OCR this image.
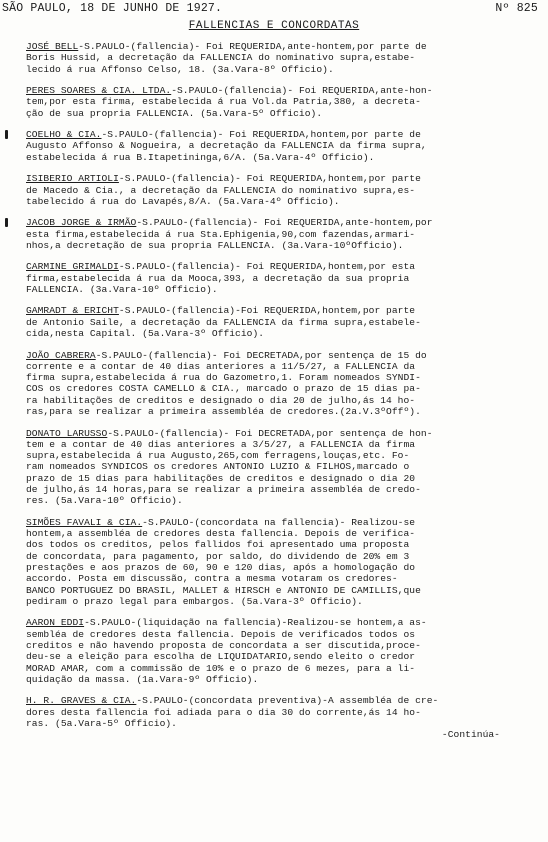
SÃO PAULO, 18 DE JUNHO DE 1927.	Nº 825
FALLENCIAS E CONCORDATAS
JOSÉ BELL-S.PAULO-(fallencia)- Foi REQUERIDA,ante-hontem,por parte de
Boris Hussid, a decretação da FALLENCIA do nominativo supra,estabe-
lecido á rua Affonso Celso, 18. (3a.Vara-8º Officio).
PERES SOARES & CIA. LTDA.-S.PAULO-(fallencia)- Foi REQUERIDA,ante-hon-
tem,por esta firma, estabelecida á rua Vol.da Patria,380, a decreta-
ção de sua propria FALLENCIA. (5a.Vara-5º Officio).
COELHO & CIA.-S.PAULO-(fallencia)- Foi REQUERIDA,hontem,por parte de
Augusto Affonso & Nogueira, a decretação da FALLENCIA da firma supra,
estabelecida á rua B.Itapetininga,6/A. (5a.Vara-4º Officio).
ISIBERIO ARTIOLI-S.PAULO-(fallencia)- Foi REQUERIDA,hontem,por parte
de Macedo & Cia., a decretação da FALLENCIA do nominativo supra,es-
tabelecido á rua do Lavapés,8/A. (5a.Vara-4º Officio).
JACOB JORGE & IRMÃO-S.PAULO-(fallencia)- Foi REQUERIDA,ante-hontem,por
esta firma,estabelecida á rua Sta.Ephigenia,90,com fazendas,armari-
nhos,a decretação de sua propria FALLENCIA. (3a.Vara-10ºOfficio).
CARMINE GRIMALDI-S.PAULO-(fallencia)- Foi REQUERIDA,hontem,por esta
firma,estabelecida á rua da Mooca,393, a decretação da sua propria
FALLENCIA. (3a.Vara-10º Officio).
GAMRADT & ERICHT-S.PAULO-(fallencia)-Foi REQUERIDA,hontem,por parte
de Antonio Saile, a decretação da FALLENCIA da firma supra,estabele-
cida,nesta Capital. (5a.Vara-3º Officio).
JOÃO CABRERA-S.PAULO-(fallencia)- Foi DECRETADA,por sentença de 15 do
corrente e a contar de 40 dias anteriores a 11/5/27, a FALLENCIA da
firma supra,estabelecida á rua do Gazometro,1. Foram nomeados SYNDI-
COS os credores COSTA CAMELLO & CIA., marcado o prazo de 15 dias pa-
ra habilitações de creditos e designado o dia 20 de julho,ás 14 ho-
ras,para se realizar a primeira assembléa de credores.(2a.V.3ºOffº).
DONATO LARUSSO-S.PAULO-(fallencia)- Foi DECRETADA,por sentença de hon-
tem e a contar de 40 dias anteriores a 3/5/27, a FALLENCIA da firma
supra,estabelecida á rua Augusto,265,com ferragens,louças,etc. Fo-
ram nomeados SYNDICOS os credores ANTONIO LUZIO & FILHOS,marcado o
prazo de 15 dias para habilitações de creditos e designado o dia 20
de julho,ás 14 horas,para se realizar a primeira assembléa de credo-
res. (5a.Vara-10º Officio).
SIMÕES FAVALI & CIA.-S.PAULO-(concordata na fallencia)- Realizou-se
hontem,a assembléa de credores desta fallencia. Depois de verifica-
dos todos os creditos, pelos fallidos foi apresentado uma proposta
de concordata, para pagamento, por saldo, do dividendo de 20% em 3
prestações e aos prazos de 60, 90 e 120 dias, após a homologação do
accordo. Posta em discussão, contra a mesma votaram os credores-
BANCO PORTUGUEZ DO BRASIL, MALLET & HIRSCH e ANTONIO DE CAMILLIS,que
pediram o prazo legal para embargos. (5a.Vara-3º Officio).
AARON EDDI-S.PAULO-(liquidação na fallencia)-Realizou-se hontem,a as-
sembléa de credores desta fallencia. Depois de verificados todos os
creditos e não havendo proposta de concordata a ser discutida,proce-
deu-se a eleição para escolha de LIQUIDATARIO,sendo eleito o credor
MORAD AMAR, com a commissão de 10% e o prazo de 6 mezes, para a li-
quidação da massa. (1a.Vara-9º Officio).
H. R. GRAVES & CIA.-S.PAULO-(concordata preventiva)-A assembléa de cre-
dores desta fallencia foi adiada para o dia 30 do corrente,ás 14 ho-
ras. (5a.Vara-5º Officio).
-Continúa-
